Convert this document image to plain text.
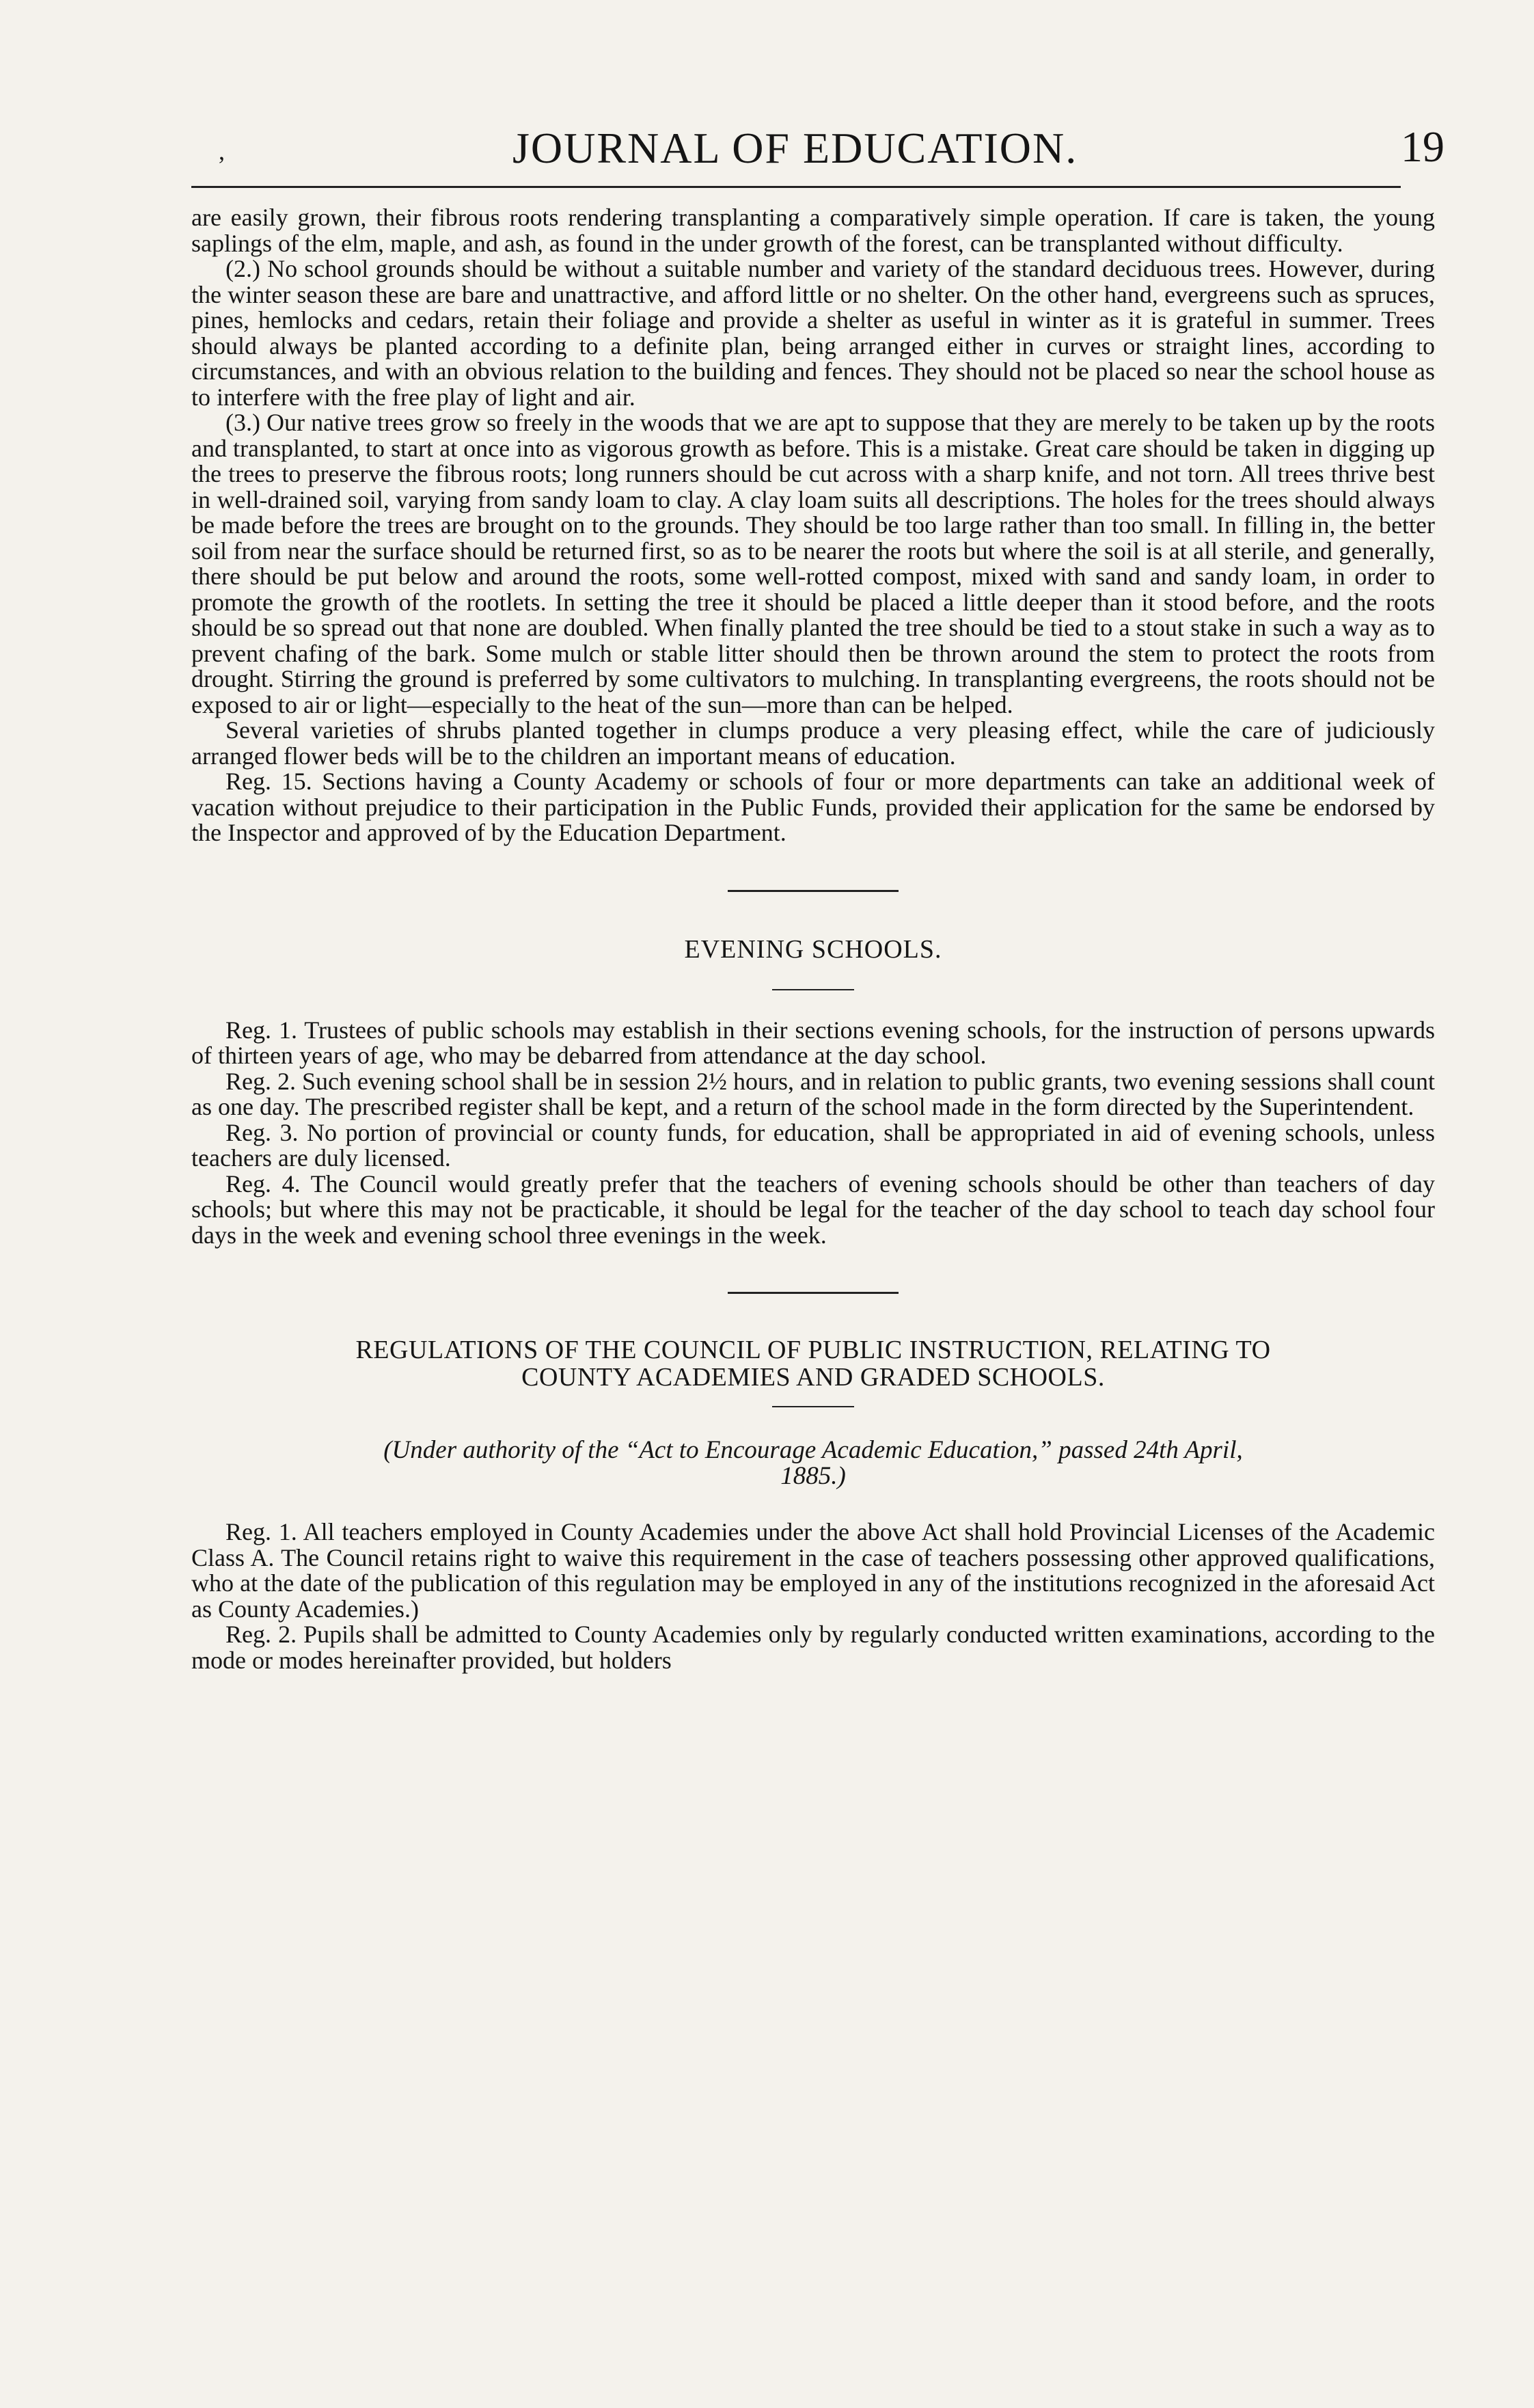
,	JOURNAL OF EDUCATION.	19

are easily grown, their fibrous roots rendering transplanting a comparatively simple operation. If care is taken, the young saplings of the elm, maple, and ash, as found in the under growth of the forest, can be transplanted without difficulty.

(2.) No school grounds should be without a suitable number and variety of the standard deciduous trees. However, during the winter season these are bare and unattractive, and afford little or no shelter. On the other hand, evergreens such as spruces, pines, hemlocks and cedars, retain their foliage and provide a shelter as useful in winter as it is grateful in summer. Trees should always be planted according to a definite plan, being arranged either in curves or straight lines, according to circumstances, and with an obvious relation to the building and fences. They should not be placed so near the school house as to interfere with the free play of light and air.

(3.) Our native trees grow so freely in the woods that we are apt to suppose that they are merely to be taken up by the roots and transplanted, to start at once into as vigorous growth as before. This is a mistake. Great care should be taken in digging up the trees to preserve the fibrous roots; long runners should be cut across with a sharp knife, and not torn. All trees thrive best in well-drained soil, varying from sandy loam to clay. A clay loam suits all descriptions. The holes for the trees should always be made before the trees are brought on to the grounds. They should be too large rather than too small. In filling in, the better soil from near the surface should be returned first, so as to be nearer the roots but where the soil is at all sterile, and generally, there should be put below and around the roots, some well-rotted compost, mixed with sand and sandy loam, in order to promote the growth of the rootlets. In setting the tree it should be placed a little deeper than it stood before, and the roots should be so spread out that none are doubled. When finally planted the tree should be tied to a stout stake in such a way as to prevent chafing of the bark. Some mulch or stable litter should then be thrown around the stem to protect the roots from drought. Stirring the ground is preferred by some cultivators to mulching. In transplanting evergreens, the roots should not be exposed to air or light—especially to the heat of the sun—more than can be helped.

Several varieties of shrubs planted together in clumps produce a very pleasing effect, while the care of judiciously arranged flower beds will be to the children an important means of education.

Reg. 15. Sections having a County Academy or schools of four or more departments can take an additional week of vacation without prejudice to their participation in the Public Funds, provided their application for the same be endorsed by the Inspector and approved of by the Education Department.

EVENING SCHOOLS.

Reg. 1. Trustees of public schools may establish in their sections evening schools, for the instruction of persons upwards of thirteen years of age, who may be debarred from attendance at the day school.

Reg. 2. Such evening school shall be in session 2½ hours, and in relation to public grants, two evening sessions shall count as one day. The prescribed register shall be kept, and a return of the school made in the form directed by the Superintendent.

Reg. 3. No portion of provincial or county funds, for education, shall be appropriated in aid of evening schools, unless teachers are duly licensed.

Reg. 4. The Council would greatly prefer that the teachers of evening schools should be other than teachers of day schools; but where this may not be practicable, it should be legal for the teacher of the day school to teach day school four days in the week and evening school three evenings in the week.

REGULATIONS OF THE COUNCIL OF PUBLIC INSTRUCTION, RELATING TO
COUNTY ACADEMIES AND GRADED SCHOOLS.
(Under authority of the “Act to Encourage Academic Education,” passed 24th April,
1885.)

Reg. 1. All teachers employed in County Academies under the above Act shall hold Provincial Licenses of the Academic Class A. The Council retains right to waive this requirement in the case of teachers possessing other approved qualifications, who at the date of the publication of this regulation may be employed in any of the institutions recognized in the aforesaid Act as County Academies.)

Reg. 2. Pupils shall be admitted to County Academies only by regularly conducted written examinations, according to the mode or modes hereinafter provided, but holders
